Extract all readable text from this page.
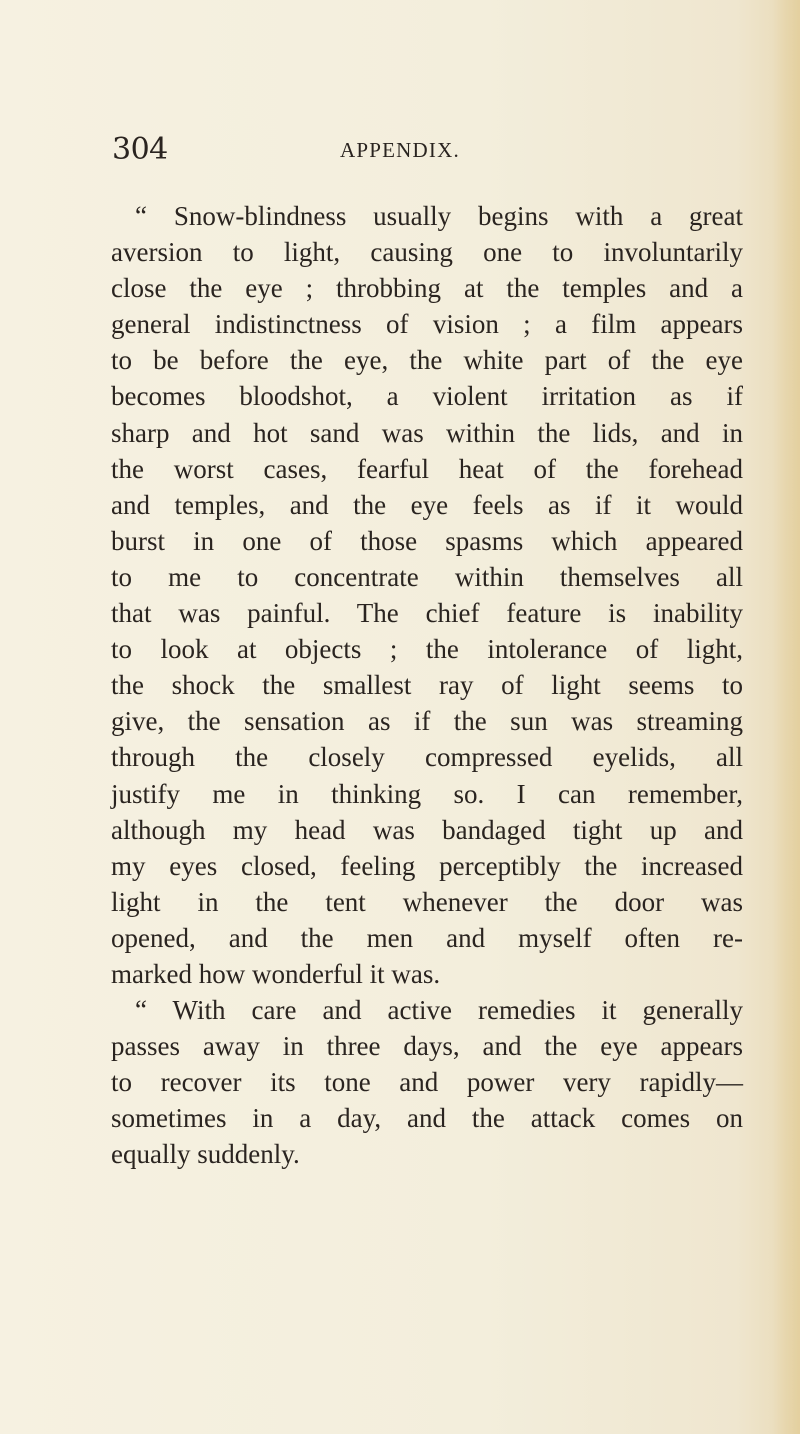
304	APPENDIX.

“ Snow-blindness usually begins with a great
aversion to light, causing one to involuntarily
close the eye ; throbbing at the temples and a
general indistinctness of vision ; a film appears
to be before the eye, the white part of the eye
becomes bloodshot, a violent irritation as if
sharp and hot sand was within the lids, and in
the worst cases, fearful heat of the forehead
and temples, and the eye feels as if it would
burst in one of those spasms which appeared
to me to concentrate within themselves all
that was painful. The chief feature is inability
to look at objects ; the intolerance of light,
the shock the smallest ray of light seems to
give, the sensation as if the sun was streaming
through the closely compressed eyelids, all
justify me in thinking so. I can remember,
although my head was bandaged tight up and
my eyes closed, feeling perceptibly the increased
light in the tent whenever the door was
opened, and the men and myself often re-
marked how wonderful it was.

“ With care and active remedies it generally
passes away in three days, and the eye appears
to recover its tone and power very rapidly—
sometimes in a day, and the attack comes on
equally suddenly.
